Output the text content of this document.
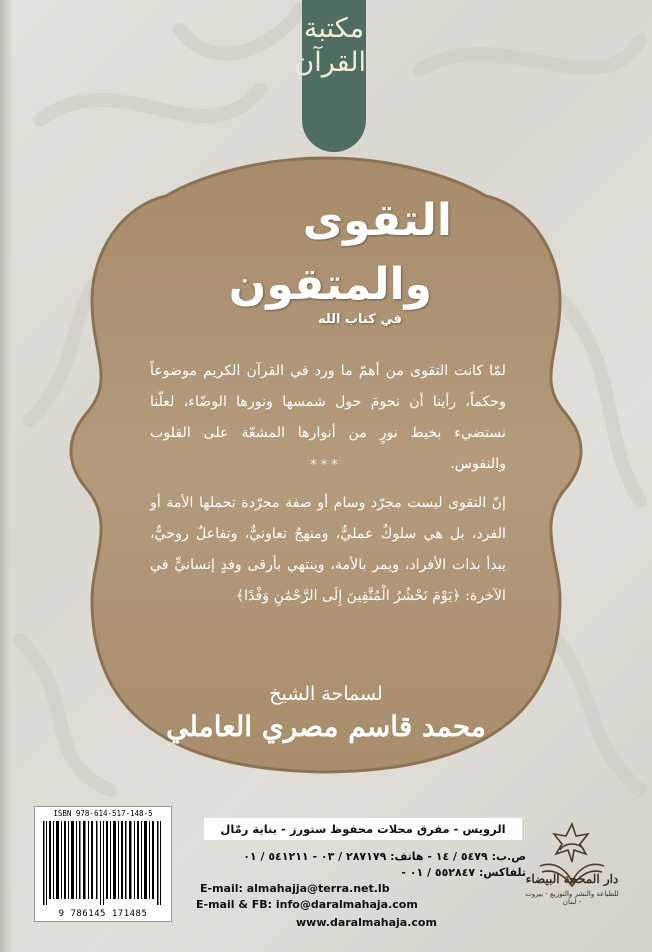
مكتبة القرآن
التقوى
والمتقون
في كتاب الله

لمّا كانت التقوى من أهمّ ما ورد في القرآن الكريم موضوعاً وحكماً، رأينا أن نحومَ حول شمسها ونورها الوضّاء، لعلّنا نستضيء بخيط نورٍ من أنوارها المشعّة على القلوب والنفوس.

***

إنّ التقوى ليست مجرّد وسام أو صفة مجرّدة تحملها الأمة أو الفرد، بل هي سلوكٌ عمليٌّ، ومنهجٌ تعاونيٌّ، وتفاعلٌ روحيٌّ، يبدأ بذات الأفراد، ويمر بالأمة، وينتهي بأرقى وفدٍ إنسانيٍّ في الآخرة: ﴿يَوْمَ نَحْشُرُ الْمُتَّقِينَ إِلَى الرَّحْمَٰنِ وَفْدًا﴾

لسماحة الشيخ
محمد قاسم مصري العاملي
ISBN 978-614-517-148-5
9 786145 171485
الرويس - مفرق محلات محفوظ ستورز - بناية رمّال
ص.ب: ٥٤٧٩ / ١٤ - هاتف: ٢٨٧١٧٩ / ٠٣ - ٥٤١٢١١ / ٠١
تلفاكس: ٥٥٢٨٤٧ / ٠١ -
E-mail: almahajja@terra.net.lb
E-mail & FB: info@daralmahaja.com
www.daralmahaja.com
دار المحجة البيضاء
للطباعة والنشر والتوزيع - بيروت - لبنان
